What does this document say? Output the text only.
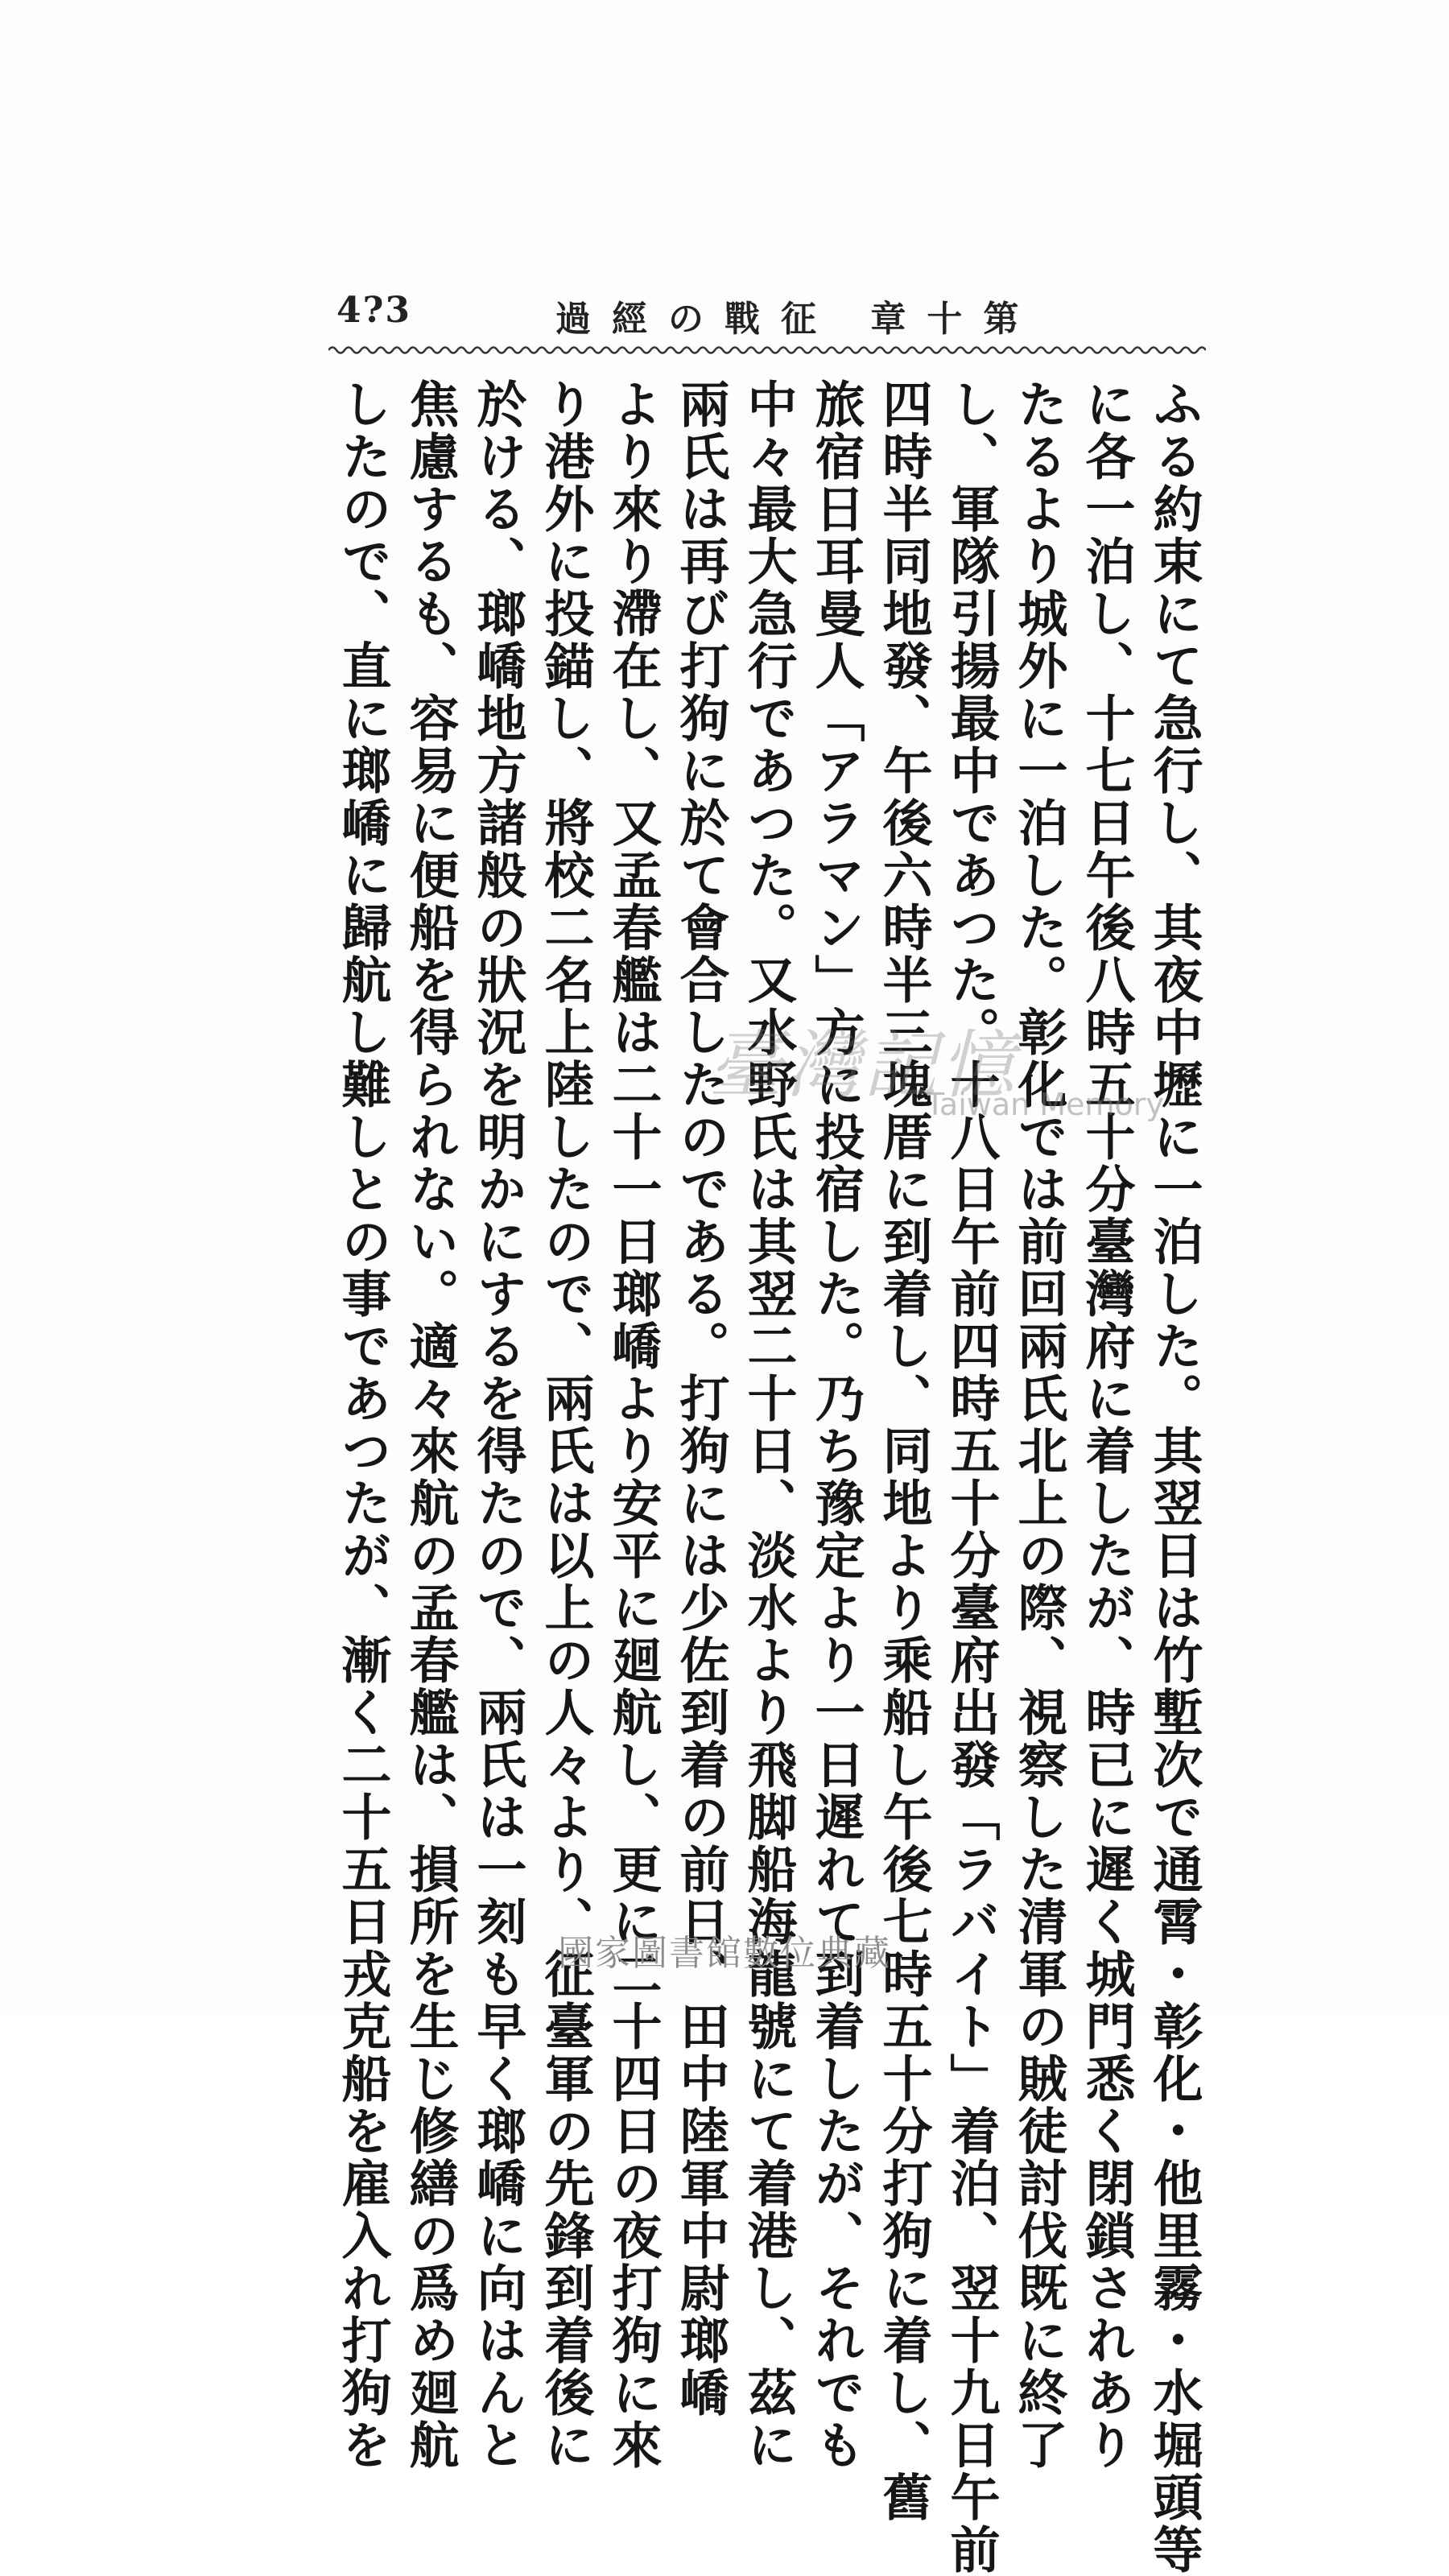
4?3	第十章 征戰の經過
ふる約束にて急行し、其夜中壢に一泊した。其翌日は竹塹次で通霄・彰化・他里霧・水堀頭等
に各一泊し、十七日午後八時五十分臺灣府に着したが、時已に遲く城門悉く閉鎖されあり
たるより城外に一泊した。彰化では前回兩氏北上の際、視察した清軍の賊徒討伐既に終了
し、軍隊引揚最中であつた。十八日午前四時五十分臺府出發「ラバイト」着泊、翌十九日午前
四時半同地發、午後六時半三塊厝に到着し、同地より乘船し午後七時五十分打狗に着し、舊
旅宿日耳曼人「アラマン」方に投宿した。乃ち豫定より一日遲れて到着したが、それでも
中々最大急行であつた。又水野氏は其翌二十日、淡水より飛脚船海龍號にて着港し、茲に
兩氏は再び打狗に於て會合したのである。打狗には少佐到着の前日、田中陸軍中尉瑯嶠
より來り滯在し、又孟春艦は二十一日瑯嶠より安平に廻航し、更に二十四日の夜打狗に來
り港外に投錨し、將校二名上陸したので、兩氏は以上の人々より、征臺軍の先鋒到着後に
於ける、瑯嶠地方諸般の狀況を明かにするを得たので、兩氏は一刻も早く瑯嶠に向はんと
焦慮するも、容易に便船を得られない。適々來航の孟春艦は、損所を生じ修繕の爲め廻航
したので、直に瑯嶠に歸航し難しとの事であつたが、漸く二十五日戎克船を雇入れ打狗を	臺灣記憶
Taiwan Memory
國家圖書館數位典藏
